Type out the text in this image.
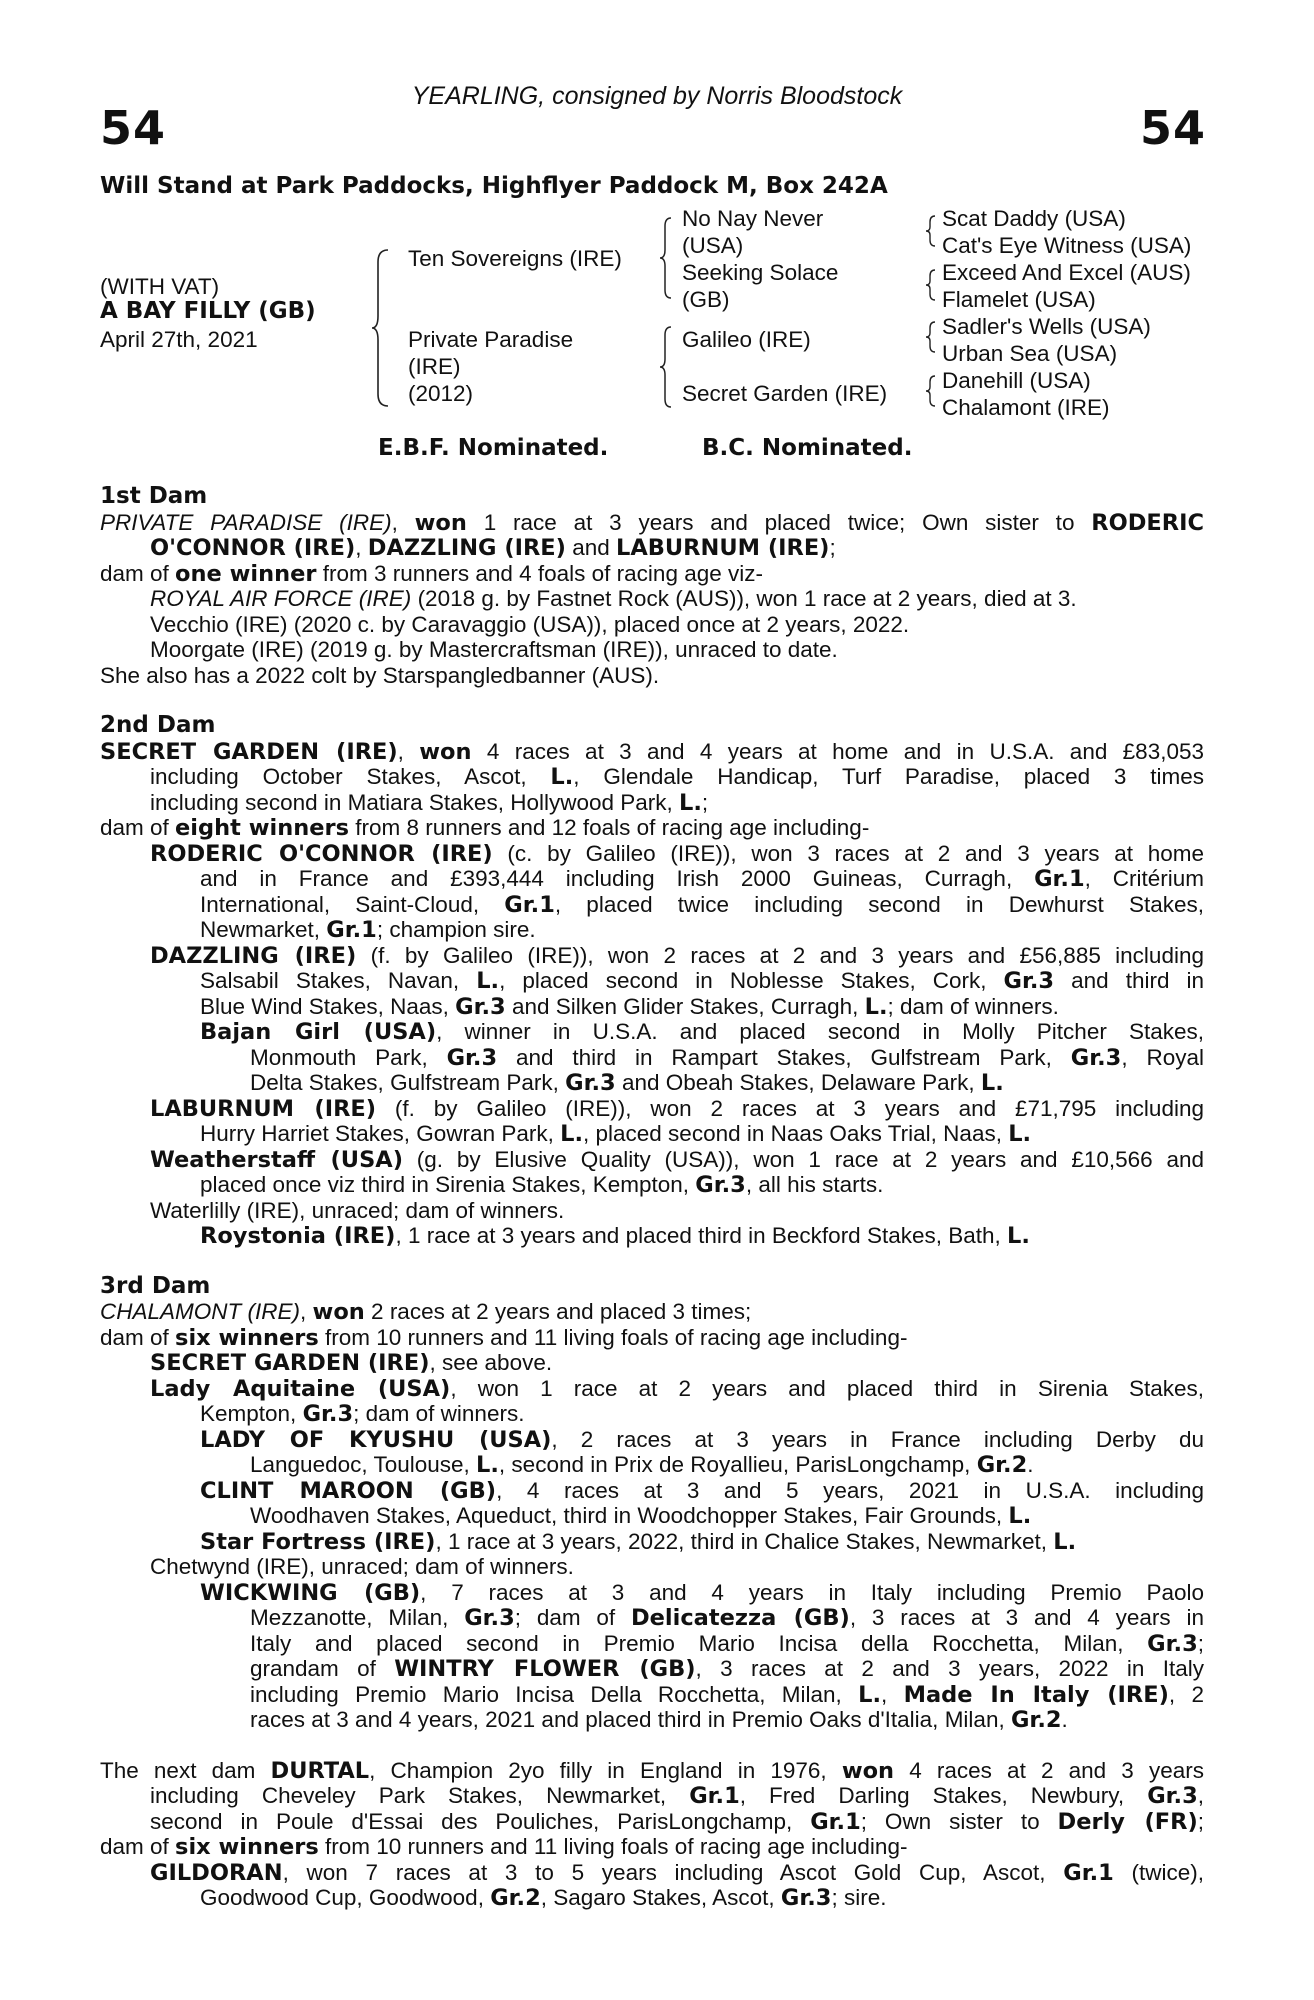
YEARLING, consigned by Norris Bloodstock
54	54
Will Stand at Park Paddocks, Highflyer Paddock M, Box 242A
(WITH VAT)
A BAY FILLY (GB)
April 27th, 2021
Ten Sovereigns (IRE)
Private Paradise
(IRE)
(2012)
No Nay Never
(USA)
Seeking Solace
(GB)
Galileo (IRE)
Secret Garden (IRE)
Scat Daddy (USA)
Cat's Eye Witness (USA)
Exceed And Excel (AUS)
Flamelet (USA)
Sadler's Wells (USA)
Urban Sea (USA)
Danehill (USA)
Chalamont (IRE)
E.B.F. Nominated.	B.C. Nominated.
1st Dam
PRIVATE PARADISE (IRE), won 1 race at 3 years and placed twice; Own sister to RODERIC
O'CONNOR (IRE), DAZZLING (IRE) and LABURNUM (IRE);
dam of one winner from 3 runners and 4 foals of racing age viz-
ROYAL AIR FORCE (IRE) (2018 g. by Fastnet Rock (AUS)), won 1 race at 2 years, died at 3.
Vecchio (IRE) (2020 c. by Caravaggio (USA)), placed once at 2 years, 2022.
Moorgate (IRE) (2019 g. by Mastercraftsman (IRE)), unraced to date.
She also has a 2022 colt by Starspangledbanner (AUS).
2nd Dam
SECRET GARDEN (IRE), won 4 races at 3 and 4 years at home and in U.S.A. and £83,053
including October Stakes, Ascot, L., Glendale Handicap, Turf Paradise, placed 3 times
including second in Matiara Stakes, Hollywood Park, L.;
dam of eight winners from 8 runners and 12 foals of racing age including-
RODERIC O'CONNOR (IRE) (c. by Galileo (IRE)), won 3 races at 2 and 3 years at home
and in France and £393,444 including Irish 2000 Guineas, Curragh, Gr.1, Critérium
International, Saint-Cloud, Gr.1, placed twice including second in Dewhurst Stakes,
Newmarket, Gr.1; champion sire.
DAZZLING (IRE) (f. by Galileo (IRE)), won 2 races at 2 and 3 years and £56,885 including
Salsabil Stakes, Navan, L., placed second in Noblesse Stakes, Cork, Gr.3 and third in
Blue Wind Stakes, Naas, Gr.3 and Silken Glider Stakes, Curragh, L.; dam of winners.
Bajan Girl (USA), winner in U.S.A. and placed second in Molly Pitcher Stakes,
Monmouth Park, Gr.3 and third in Rampart Stakes, Gulfstream Park, Gr.3, Royal
Delta Stakes, Gulfstream Park, Gr.3 and Obeah Stakes, Delaware Park, L.
LABURNUM (IRE) (f. by Galileo (IRE)), won 2 races at 3 years and £71,795 including
Hurry Harriet Stakes, Gowran Park, L., placed second in Naas Oaks Trial, Naas, L.
Weatherstaff (USA) (g. by Elusive Quality (USA)), won 1 race at 2 years and £10,566 and
placed once viz third in Sirenia Stakes, Kempton, Gr.3, all his starts.
Waterlilly (IRE), unraced; dam of winners.
Roystonia (IRE), 1 race at 3 years and placed third in Beckford Stakes, Bath, L.
3rd Dam
CHALAMONT (IRE), won 2 races at 2 years and placed 3 times;
dam of six winners from 10 runners and 11 living foals of racing age including-
SECRET GARDEN (IRE), see above.
Lady Aquitaine (USA), won 1 race at 2 years and placed third in Sirenia Stakes,
Kempton, Gr.3; dam of winners.
LADY OF KYUSHU (USA), 2 races at 3 years in France including Derby du
Languedoc, Toulouse, L., second in Prix de Royallieu, ParisLongchamp, Gr.2.
CLINT MAROON (GB), 4 races at 3 and 5 years, 2021 in U.S.A. including
Woodhaven Stakes, Aqueduct, third in Woodchopper Stakes, Fair Grounds, L.
Star Fortress (IRE), 1 race at 3 years, 2022, third in Chalice Stakes, Newmarket, L.
Chetwynd (IRE), unraced; dam of winners.
WICKWING (GB), 7 races at 3 and 4 years in Italy including Premio Paolo
Mezzanotte, Milan, Gr.3; dam of Delicatezza (GB), 3 races at 3 and 4 years in
Italy and placed second in Premio Mario Incisa della Rocchetta, Milan, Gr.3;
grandam of WINTRY FLOWER (GB), 3 races at 2 and 3 years, 2022 in Italy
including Premio Mario Incisa Della Rocchetta, Milan, L., Made In Italy (IRE), 2
races at 3 and 4 years, 2021 and placed third in Premio Oaks d'Italia, Milan, Gr.2.
The next dam DURTAL, Champion 2yo filly in England in 1976, won 4 races at 2 and 3 years
including Cheveley Park Stakes, Newmarket, Gr.1, Fred Darling Stakes, Newbury, Gr.3,
second in Poule d'Essai des Pouliches, ParisLongchamp, Gr.1; Own sister to Derly (FR);
dam of six winners from 10 runners and 11 living foals of racing age including-
GILDORAN, won 7 races at 3 to 5 years including Ascot Gold Cup, Ascot, Gr.1 (twice),
Goodwood Cup, Goodwood, Gr.2, Sagaro Stakes, Ascot, Gr.3; sire.
